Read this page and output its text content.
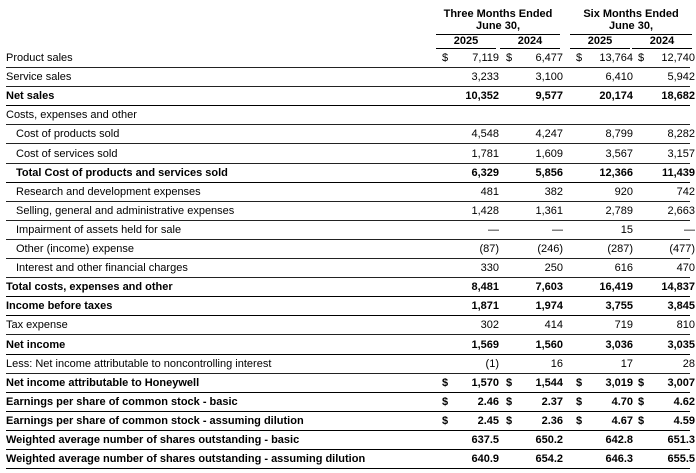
Three Months Ended
June 30,
Six Months Ended
June 30,
2025	2024	2025	2024
Product sales	$ 7,119 $ 6,477 $ 13,764 $ 12,740
Service sales	3,233	3,100	6,410	5,942
Net sales	10,352	9,577	20,174	18,682
Costs, expenses and other
Cost of products sold	4,548	4,247	8,799	8,282
Cost of services sold	1,781	1,609	3,567	3,157
Total Cost of products and services sold	6,329	5,856	12,366	11,439
Research and development expenses	481	382	920	742
Selling, general and administrative expenses	1,428	1,361	2,789	2,663
Impairment of assets held for sale	—	—	15	—
Other (income) expense	(87)	(246)	(287)	(477)
Interest and other financial charges	330	250	616	470
Total costs, expenses and other	8,481	7,603	16,419	14,837
Income before taxes	1,871	1,974	3,755	3,845
Tax expense	302	414	719	810
Net income	1,569	1,560	3,036	3,035
Less: Net income attributable to noncontrolling interest	(1)	16	17	28
Net income attributable to Honeywell	$ 1,570 $ 1,544 $ 3,019 $ 3,007
Earnings per share of common stock - basic	$	2.46 $	2.37 $	4.70 $	4.62
Earnings per share of common stock - assuming dilution	$	2.45 $	2.36 $	4.67 $	4.59
Weighted average number of shares outstanding - basic	637.5	650.2	642.8	651.3
Weighted average number of shares outstanding - assuming dilution	640.9	654.2	646.3	655.5
